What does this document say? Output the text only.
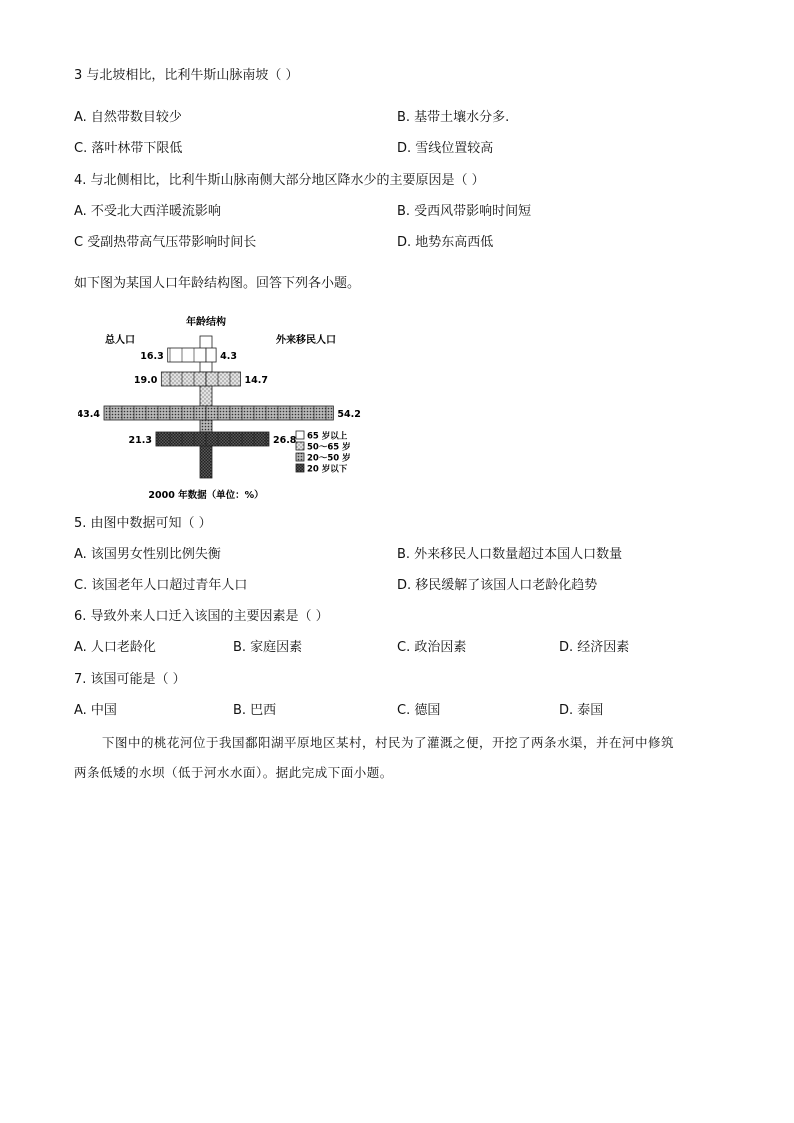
3 与北坡相比，比利牛斯山脉南坡（ ）
A. 自然带数目较少	B. 基带土壤水分多.
C. 落叶林带下限低	D. 雪线位置较高
4. 与北侧相比，比利牛斯山脉南侧大部分地区降水少的主要原因是（ ）
A. 不受北大西洋暖流影响	B. 受西风带影响时间短
C 受副热带高气压带影响时间长	D. 地势东高西低
如下图为某国人口年龄结构图。回答下列各小题。
年龄结构
总人口	外来移民人口
16.3
19.0
43.4
21.3
4.3
14.7
54.2
26.8 65 岁以上
50～65 岁
20～50 岁
20 岁以下
2000 年数据（单位：%）
5. 由图中数据可知（ ）
A. 该国男女性别比例失衡	B. 外来移民人口数量超过本国人口数量
C. 该国老年人口超过青年人口	D. 移民缓解了该国人口老龄化趋势
6. 导致外来人口迁入该国的主要因素是（ ）
A. 人口老龄化	B. 家庭因素	C. 政治因素	D. 经济因素
7. 该国可能是（ ）
A. 中国	B. 巴西	C. 德国	D. 泰国
下图中的桃花河位于我国鄱阳湖平原地区某村，村民为了灌溉之便，开挖了两条水渠，并在河中修筑
两条低矮的水坝（低于河水水面）。据此完成下面小题。
